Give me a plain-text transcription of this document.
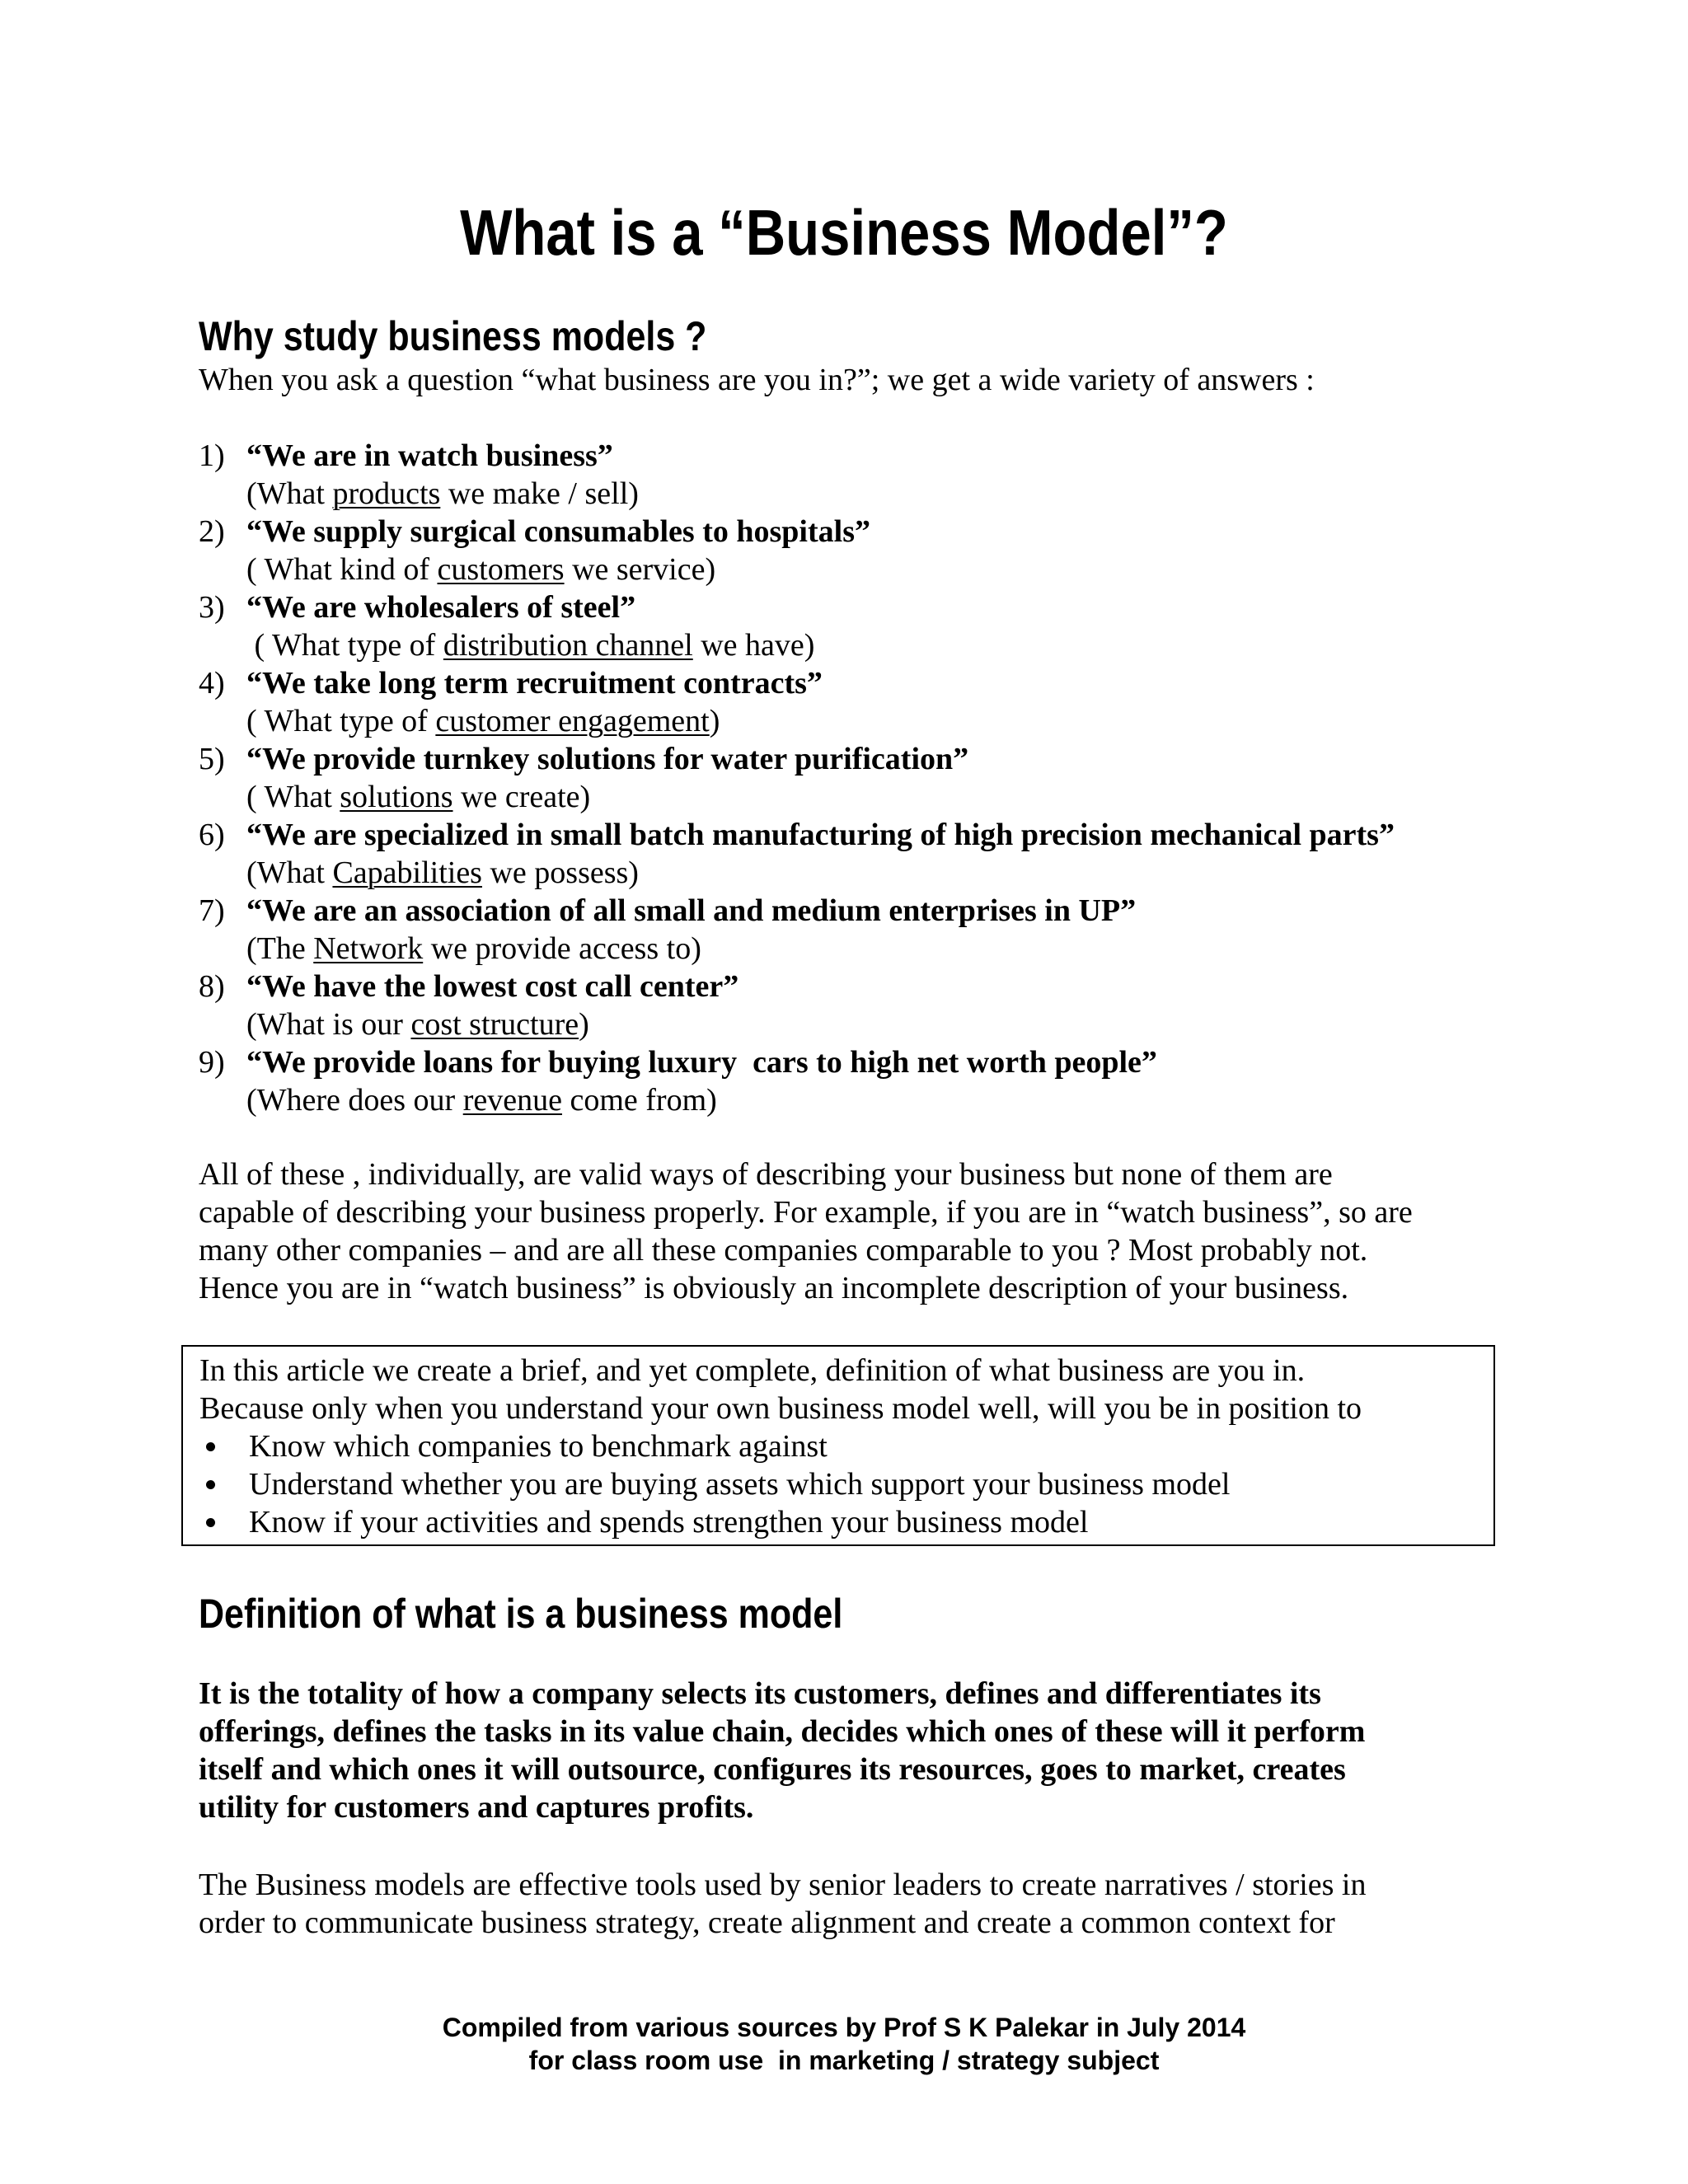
What is a “Business Model”?
Why study business models ?
When you ask a question “what business are you in?”; we get a wide variety of answers :
1) “We are in watch business”
(What products we make / sell)
2) “We supply surgical consumables to hospitals”
( What kind of customers we service)
3) “We are wholesalers of steel”
( What type of distribution channel we have)
4) “We take long term recruitment contracts”
( What type of customer engagement)
5) “We provide turnkey solutions for water purification”
( What solutions we create)
6) “We are specialized in small batch manufacturing of high precision mechanical parts”
(What Capabilities we possess)
7) “We are an association of all small and medium enterprises in UP”
(The Network we provide access to)
8) “We have the lowest cost call center”
(What is our cost structure)
9) “We provide loans for buying luxury  cars to high net worth people”
(Where does our revenue come from)

All of these , individually, are valid ways of describing your business but none of them are

capable of describing your business properly. For example, if you are in “watch business”, so are

many other companies – and are all these companies comparable to you ? Most probably not.

Hence you are in “watch business” is obviously an incomplete description of your business.

In this article we create a brief, and yet complete, definition of what business are you in.
Because only when you understand your own business model well, will you be in position to
Know which companies to benchmark against
Understand whether you are buying assets which support your business model
Know if your activities and spends strengthen your business model
Definition of what is a business model
It is the totality of how a company selects its customers, defines and differentiates its
offerings, defines the tasks in its value chain, decides which ones of these will it perform
itself and which ones it will outsource, configures its resources, goes to market, creates
utility for customers and captures profits.
The Business models are effective tools used by senior leaders to create narratives / stories in
order to communicate business strategy, create alignment and create a common context for
Compiled from various sources by Prof S K Palekar in July 2014
for class room use  in marketing / strategy subject
